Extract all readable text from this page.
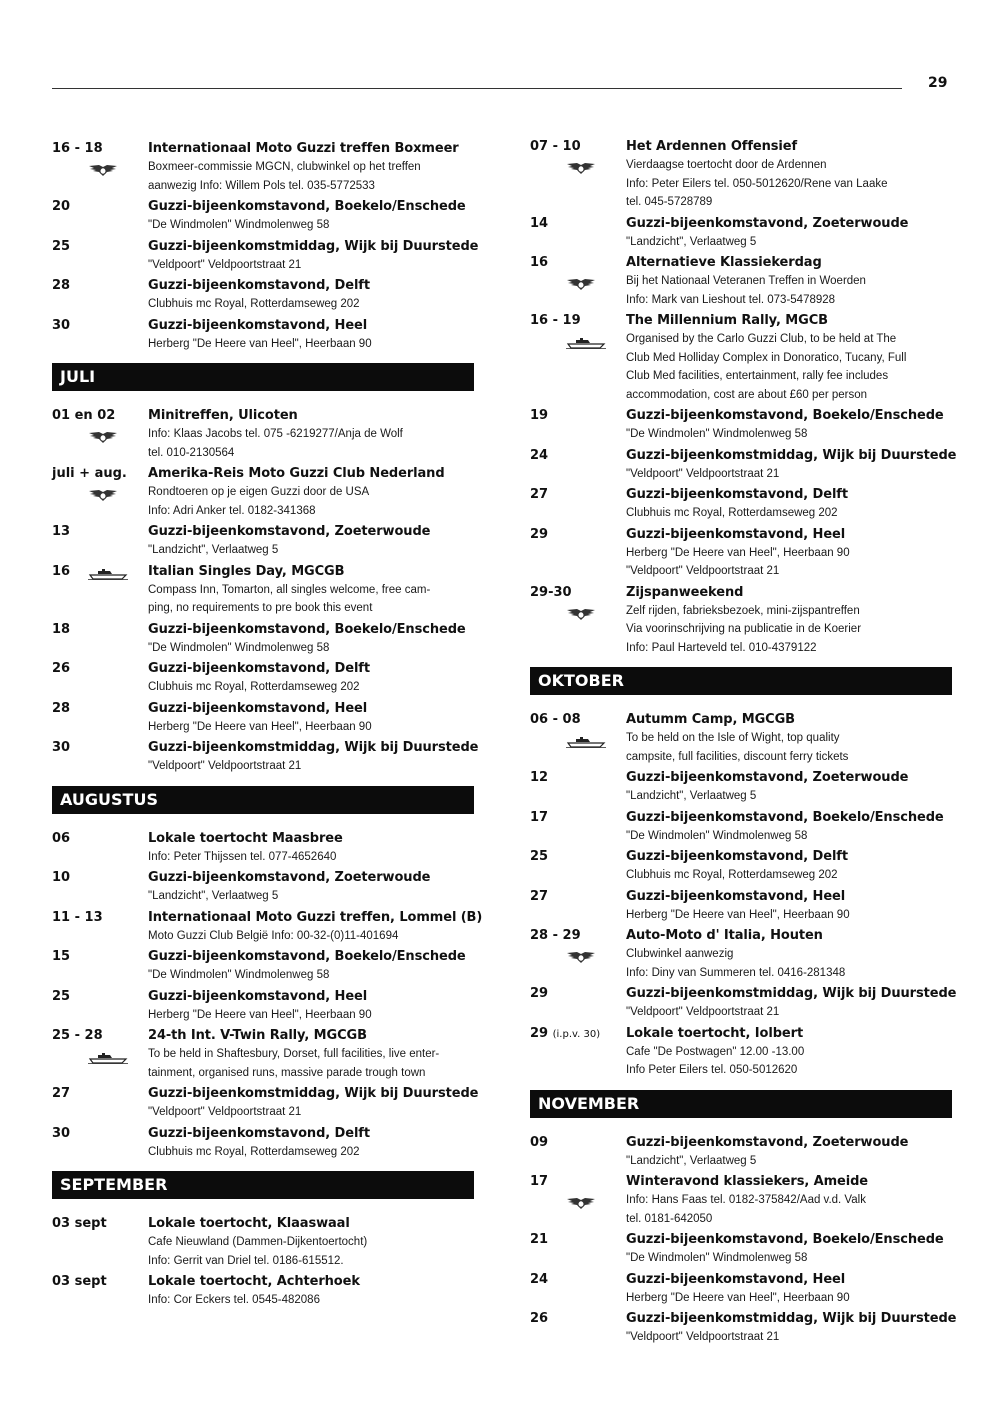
29
16 - 18	Internationaal Moto Guzzi treffen Boxmeer
Boxmeer-commissie MGCN, clubwinkel op het treffen
aanwezig Info: Willem Pols tel. 035-5772533
20	Guzzi-bijeenkomstavond, Boekelo/Enschede
"De Windmolen" Windmolenweg 58
25	Guzzi-bijeenkomstmiddag, Wijk bij Duurstede
"Veldpoort" Veldpoortstraat 21
28	Guzzi-bijeenkomstavond, Delft
Clubhuis mc Royal, Rotterdamseweg 202
30	Guzzi-bijeenkomstavond, Heel
Herberg "De Heere van Heel", Heerbaan 90
JULI
01 en 02	Minitreffen, Ulicoten
Info: Klaas Jacobs tel. 075 -6219277/Anja de Wolf
tel. 010-2130564
juli + aug.	Amerika-Reis Moto Guzzi Club Nederland
Rondtoeren op je eigen Guzzi door de USA
Info: Adri Anker tel. 0182-341368
13	Guzzi-bijeenkomstavond, Zoeterwoude
"Landzicht", Verlaatweg 5
16	Italian Singles Day, MGCGB
Compass Inn, Tomarton, all singles welcome, free cam-
ping, no requirements to pre book this event
18	Guzzi-bijeenkomstavond, Boekelo/Enschede
"De Windmolen" Windmolenweg 58
26	Guzzi-bijeenkomstavond, Delft
Clubhuis mc Royal, Rotterdamseweg 202
28	Guzzi-bijeenkomstavond, Heel
Herberg "De Heere van Heel", Heerbaan 90
30	Guzzi-bijeenkomstmiddag, Wijk bij Duurstede
"Veldpoort" Veldpoortstraat 21
AUGUSTUS
06	Lokale toertocht Maasbree
Info: Peter Thijssen tel. 077-4652640
10	Guzzi-bijeenkomstavond, Zoeterwoude
"Landzicht", Verlaatweg 5
11 - 13	Internationaal Moto Guzzi treffen, Lommel (B)
Moto Guzzi Club België Info: 00-32-(0)11-401694
15	Guzzi-bijeenkomstavond, Boekelo/Enschede
"De Windmolen" Windmolenweg 58
25	Guzzi-bijeenkomstavond, Heel
Herberg "De Heere van Heel", Heerbaan 90
25 - 28	24-th Int. V-Twin Rally, MGCGB
To be held in Shaftesbury, Dorset, full facilities, live enter-
tainment, organised runs, massive parade trough town
27	Guzzi-bijeenkomstmiddag, Wijk bij Duurstede
"Veldpoort" Veldpoortstraat 21
30	Guzzi-bijeenkomstavond, Delft
Clubhuis mc Royal, Rotterdamseweg 202
SEPTEMBER
03 sept	Lokale toertocht, Klaaswaal
Cafe Nieuwland (Dammen-Dijkentoertocht)
Info: Gerrit van Driel tel. 0186-615512.
03 sept	Lokale toertocht, Achterhoek
Info: Cor Eckers tel. 0545-482086
07 - 10	Het Ardennen Offensief
Vierdaagse toertocht door de Ardennen
Info: Peter Eilers tel. 050-5012620/Rene van Laake
tel. 045-5728789
14	Guzzi-bijeenkomstavond, Zoeterwoude
"Landzicht", Verlaatweg 5
16	Alternatieve Klassiekerdag
Bij het Nationaal Veteranen Treffen in Woerden
Info: Mark van Lieshout tel. 073-5478928
16 - 19	The Millennium Rally, MGCB
Organised by the Carlo Guzzi Club, to be held at The
Club Med Holliday Complex in Donoratico, Tucany, Full
Club Med facilities, entertainment, rally fee includes
accommodation, cost are about £60 per person
19	Guzzi-bijeenkomstavond, Boekelo/Enschede
"De Windmolen" Windmolenweg 58
24	Guzzi-bijeenkomstmiddag, Wijk bij Duurstede
"Veldpoort" Veldpoortstraat 21
27	Guzzi-bijeenkomstavond, Delft
Clubhuis mc Royal, Rotterdamseweg 202
29	Guzzi-bijeenkomstavond, Heel
Herberg "De Heere van Heel", Heerbaan 90
"Veldpoort" Veldpoortstraat 21
29-30	Zijspanweekend
Zelf rijden, fabrieksbezoek, mini-zijspantreffen
Via voorinschrijving na publicatie in de Koerier
Info: Paul Harteveld tel. 010-4379122
OKTOBER
06 - 08	Autumm Camp, MGCGB
To be held on the Isle of Wight, top quality
campsite, full facilities, discount ferry tickets
12	Guzzi-bijeenkomstavond, Zoeterwoude
"Landzicht", Verlaatweg 5
17	Guzzi-bijeenkomstavond, Boekelo/Enschede
"De Windmolen" Windmolenweg 58
25	Guzzi-bijeenkomstavond, Delft
Clubhuis mc Royal, Rotterdamseweg 202
27	Guzzi-bijeenkomstavond, Heel
Herberg "De Heere van Heel", Heerbaan 90
28 - 29	Auto-Moto d' Italia, Houten
Clubwinkel aanwezig
Info: Diny van Summeren tel. 0416-281348
29	Guzzi-bijeenkomstmiddag, Wijk bij Duurstede
"Veldpoort" Veldpoortstraat 21
29 (i.p.v. 30)	Lokale toertocht, Iolbert
Cafe "De Postwagen" 12.00 -13.00
Info Peter Eilers tel. 050-5012620
NOVEMBER
09	Guzzi-bijeenkomstavond, Zoeterwoude
"Landzicht", Verlaatweg 5
17	Winteravond klassiekers, Ameide
Info: Hans Faas tel. 0182-375842/Aad v.d. Valk
tel. 0181-642050
21	Guzzi-bijeenkomstavond, Boekelo/Enschede
"De Windmolen" Windmolenweg 58
24	Guzzi-bijeenkomstavond, Heel
Herberg "De Heere van Heel", Heerbaan 90
26	Guzzi-bijeenkomstmiddag, Wijk bij Duurstede
"Veldpoort" Veldpoortstraat 21
